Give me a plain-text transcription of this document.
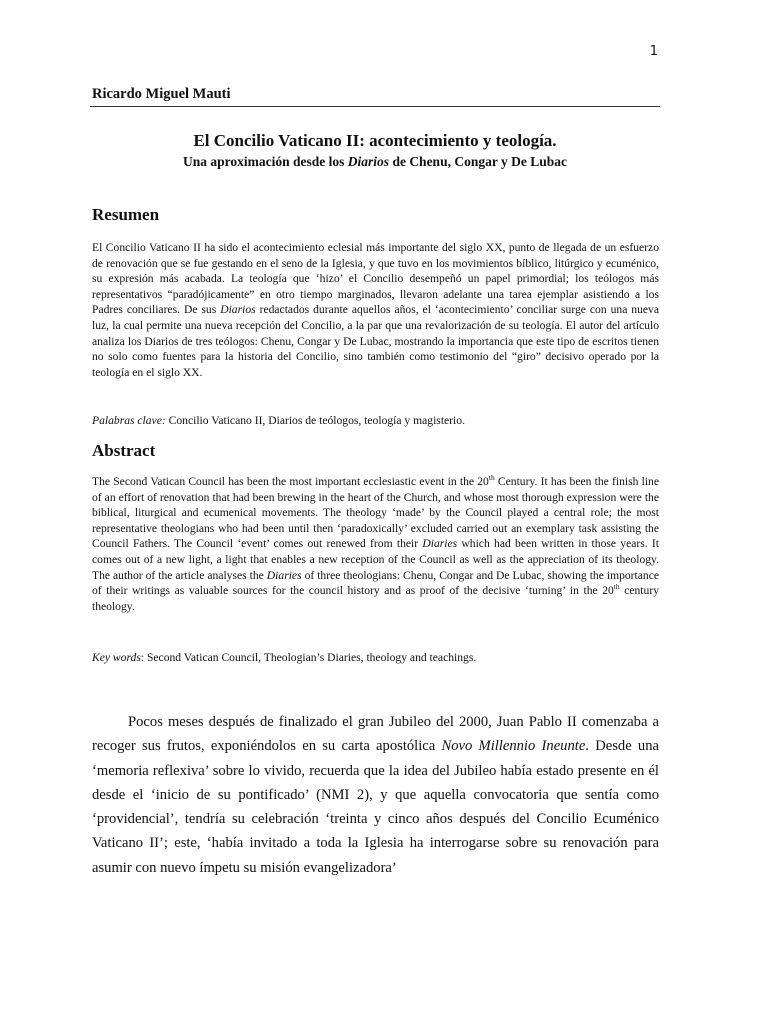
1
Ricardo Miguel Mauti
El Concilio Vaticano II: acontecimiento y teología.
Una aproximación desde los Diarios de Chenu, Congar y De Lubac
Resumen

El Concilio Vaticano II ha sido el acontecimiento eclesial más importante del siglo XX, punto de llegada de un esfuerzo de renovación que se fue gestando en el seno de la Iglesia, y que tuvo en los movimientos bíblico, litúrgico y ecuménico, su expresión más acabada. La teología que ‘hizo’ el Concilio desempeñó un papel primordial; los teólogos más representativos “paradójicamente” en otro tiempo marginados, llevaron adelante una tarea ejemplar asistiendo a los Padres conciliares. De sus Diarios redactados durante aquellos años, el ‘acontecimiento’ conciliar surge con una nueva luz, la cual permite una nueva recepción del Concilio, a la par que una revalorización de su teología. El autor del artículo analiza los Diarios de tres teólogos: Chenu, Congar y De Lubac, mostrando la importancia que este tipo de escritos tienen no solo como fuentes para la historia del Concilio, sino también como testimonio del “giro” decisivo operado por la teología en el siglo XX.

Palabras clave: Concilio Vaticano II, Diarios de teólogos, teología y magisterio.

Abstract

The Second Vatican Council has been the most important ecclesiastic event in the 20th Century. It has been the finish line of an effort of renovation that had been brewing in the heart of the Church, and whose most thorough expression were the biblical, liturgical and ecumenical movements. The theology ‘made’ by the Council played a central role; the most representative theologians who had been until then ‘paradoxically’ excluded carried out an exemplary task assisting the Council Fathers. The Council ‘event’ comes out renewed from their Diaries which had been written in those years. It comes out of a new light, a light that enables a new reception of the Council as well as the appreciation of its theology. The author of the article analyses the Diaries of three theologians: Chenu, Congar and De Lubac, showing the importance of their writings as valuable sources for the council history and as proof of the decisive ‘turning’ in the 20th century theology.

Key words: Second Vatican Council, Theologian’s Diaries, theology and teachings.

Pocos meses después de finalizado el gran Jubileo del 2000, Juan Pablo II comenzaba a recoger sus frutos, exponiéndolos en su carta apostólica Novo Millennio Ineunte. Desde una ‘memoria reflexiva’ sobre lo vivido, recuerda que la idea del Jubileo había estado presente en él desde el ‘inicio de su pontificado’ (NMI 2), y que aquella convocatoria que sentía como ‘providencial’, tendría su celebración ‘treinta y cinco años después del Concilio Ecuménico Vaticano II’; este, ‘había invitado a toda la Iglesia ha interrogarse sobre su renovación para asumir con nuevo ímpetu su misión evangelizadora’
